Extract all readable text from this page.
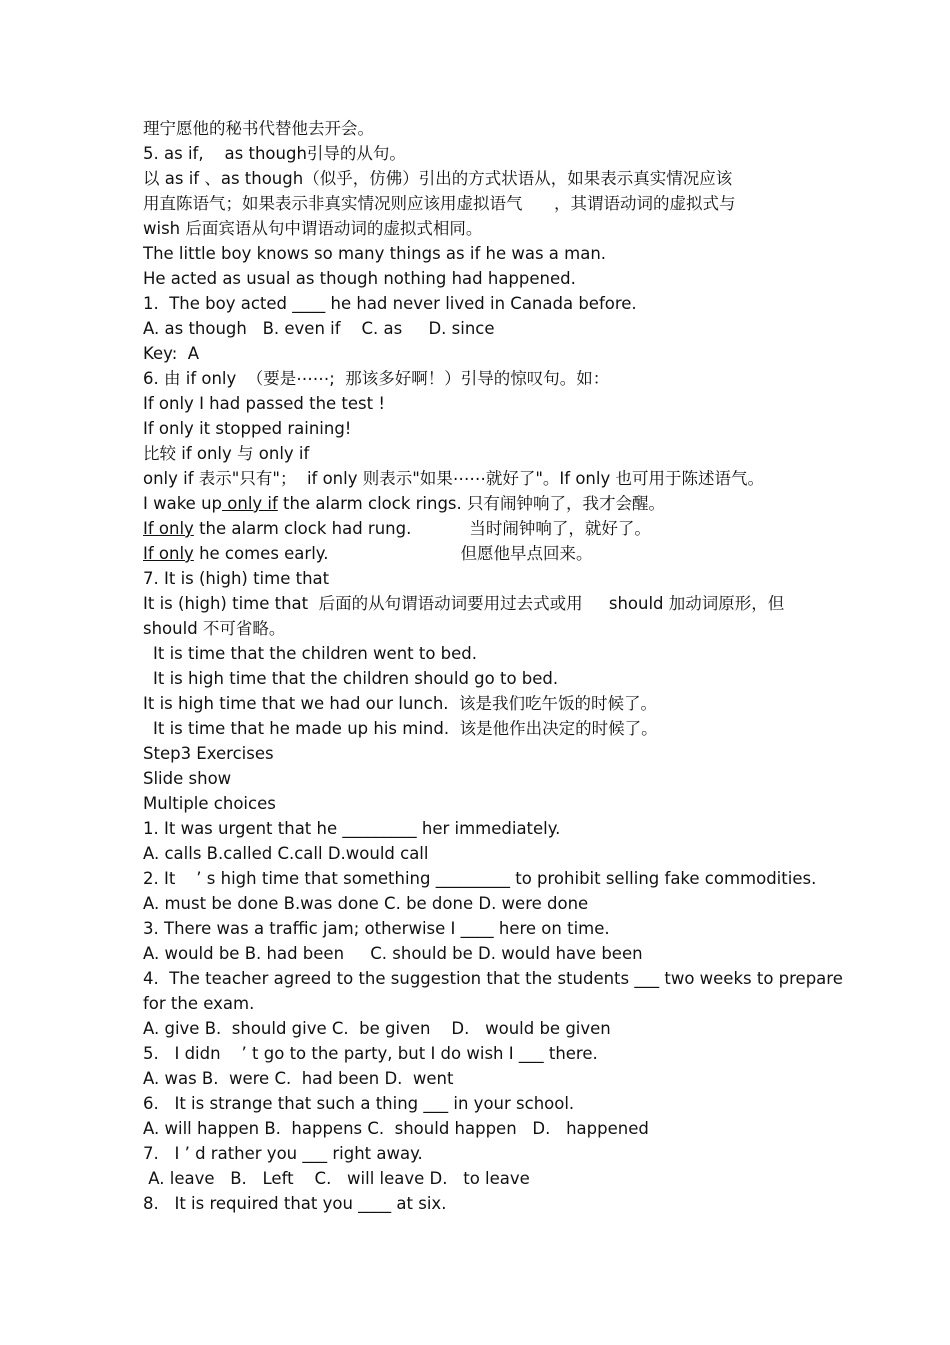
理宁愿他的秘书代替他去开会。
5. as if,    as though引导的从句。
以 as if 、as though（似乎，仿佛）引出的方式状语从，如果表示真实情况应该
用直陈语气；如果表示非真实情况则应该用虚拟语气      ，其谓语动词的虚拟式与
wish 后面宾语从句中谓语动词的虚拟式相同。
The little boy knows so many things as if he was a man.
He acted as usual as though nothing had happened.
1.  The boy acted ____ he had never lived in Canada before.
A. as though   B. even if    C. as     D. since
Key:  A
6. 由 if only  （要是⋯⋯;  那该多好啊！）引导的惊叹句。如：
If only I had passed the test !
If only it stopped raining!
比较 if only 与 only if
only if 表示"只有"；  if only 则表示"如果⋯⋯就好了"。If only 也可用于陈述语气。
I wake up only if the alarm clock rings. 只有闹钟响了，我才会醒。
If only the alarm clock had rung.	当时闹钟响了，就好了。
If only he comes early.	但愿他早点回来。
7. It is (high) time that
It is (high) time that  后面的从句谓语动词要用过去式或用     should 加动词原形，但
should 不可省略。
It is time that the children went to bed.
It is high time that the children should go to bed.
It is high time that we had our lunch.  该是我们吃午饭的时候了。
It is time that he made up his mind.  该是他作出决定的时候了。
Step3 Exercises
Slide show
Multiple choices
1. It was urgent that he _________ her immediately.
A. calls B.called C.call D.would call
2. It    ’ s high time that something _________ to prohibit selling fake commodities.
A. must be done B.was done C. be done D. were done
3. There was a traffic jam; otherwise I ____ here on time.
A. would be B. had been     C. should be D. would have been
4.  The teacher agreed to the suggestion that the students ___ two weeks to prepare
for the exam.
A. give B.  should give C.  be given    D.   would be given
5.   I didn    ’ t go to the party, but I do wish I ___ there.
A. was B.  were C.  had been D.  went
6.   It is strange that such a thing ___ in your school.
A. will happen B.  happens C.  should happen   D.   happened
7.   I ’ d rather you ___ right away.
A. leave   B.   Left    C.   will leave D.   to leave
8.   It is required that you ____ at six.
